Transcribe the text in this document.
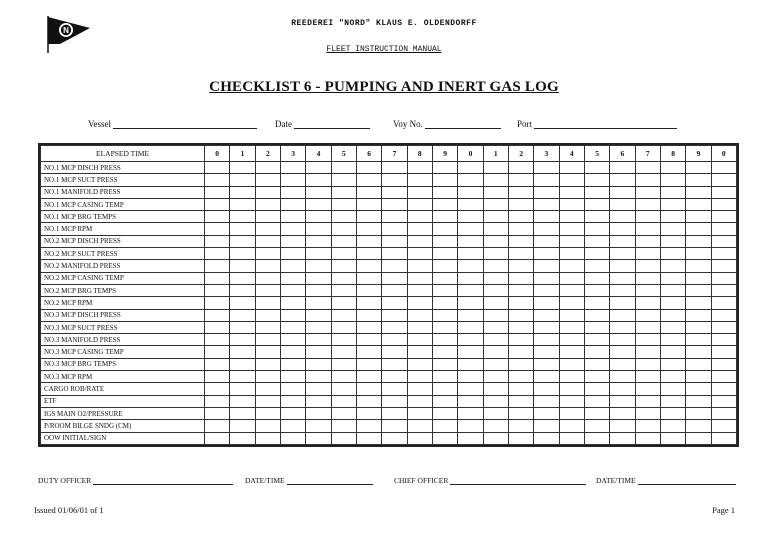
N
REEDEREI "NORD" KLAUS E. OLDENDORFF
FLEET INSTRUCTION MANUAL
CHECKLIST 6 - PUMPING AND INERT GAS LOG
Vessel	Date	Voy No.	Port
ELAPSED TIME	0	1	2	3	4	5	6	7	8	9	0	1	2	3	4	5	6	7	8	9	0
NO.1 MCP DISCH PRESS																					
NO.1 MCP SUCT PRESS																					
NO.1 MANIFOLD PRESS																					
NO.1 MCP CASING TEMP																					
NO.1 MCP BRG TEMPS																					
NO.1 MCP RPM																					
NO.2 MCP DISCH PRESS																					
NO.2 MCP SUCT PRESS																					
NO.2 MANIFOLD PRESS																					
NO.2 MCP CASING TEMP																					
NO.2 MCP BRG TEMPS																					
NO.2 MCP RPM																					
NO.3 MCP DISCH PRESS																					
NO.3 MCP SUCT PRESS																					
NO.3 MANIFOLD PRESS																					
NO.3 MCP CASING TEMP																					
NO.3 MCP BRG TEMPS																					
NO.3 MCP RPM																					
CARGO ROB/RATE																					
ETF																					
IGS MAIN O2/PRESSURE																					
P/ROOM BILGE SNDG (CM)																					
OOW INITIAL/SIGN																					
DUTY OFFICER	DATE/TIME	CHIEF OFFICER	DATE/TIME
Issued 01/06/01 of 1	Page 1
